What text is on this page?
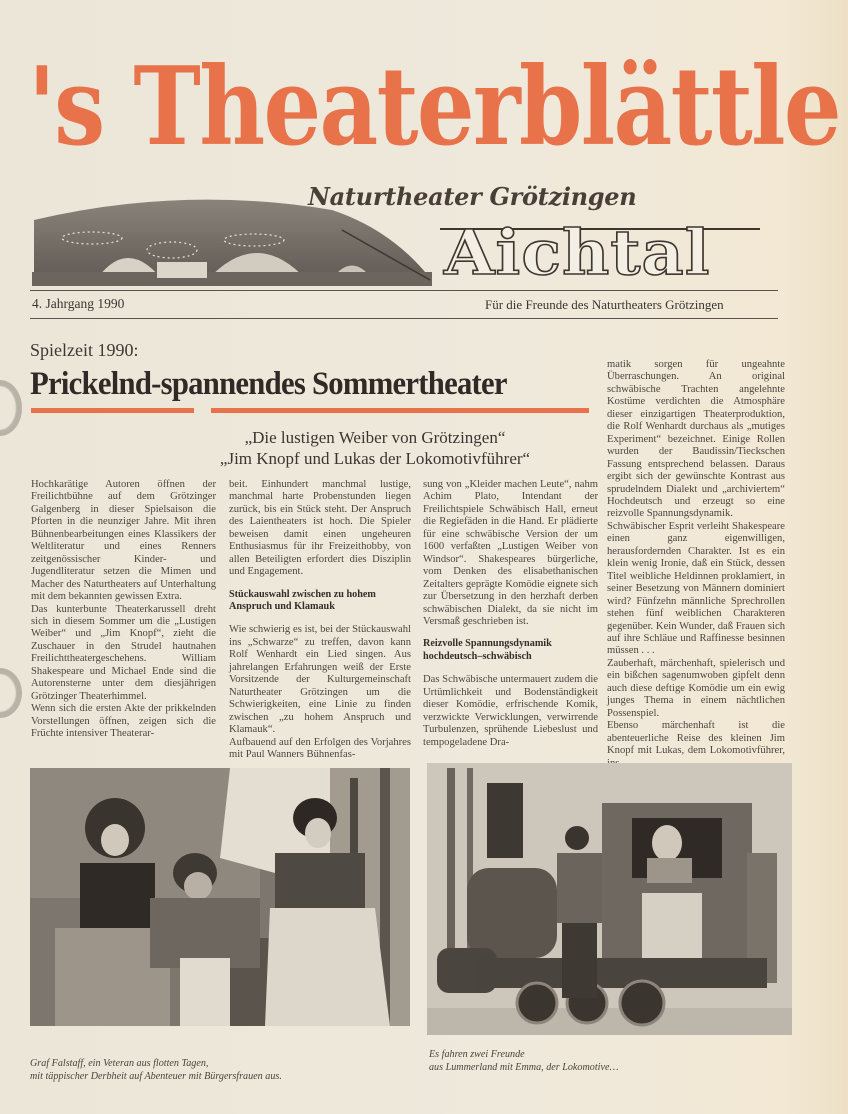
's Theaterblättle
Naturtheater Grötzingen
Aichtal
4. Jahrgang 1990	Für die Freunde des Naturtheaters Grötzingen
Spielzeit 1990:
Prickelnd-spannendes Sommertheater
„Die lustigen Weiber von Grötzingen“
„Jim Knopf und Lukas der Lokomotivführer“

Hochkarätige Autoren öffnen der Freilichtbühne auf dem Grötzinger Galgenberg in dieser Spielsaison die Pforten in die neunziger Jahre. Mit ihren Bühnenbearbeitungen eines Klassikers der Weltliteratur und eines Renners zeitgenössischer Kinder- und Jugendliteratur setzen die Mimen und Macher des Naturtheaters auf Unterhaltung mit dem bekannten gewissen Extra.

Das kunterbunte Theaterkarussell dreht sich in diesem Sommer um die „Lustigen Weiber“ und „Jim Knopf“, zieht die Zuschauer in den Strudel hautnahen Freilichttheatergeschehens. William Shakespeare und Michael Ende sind die Autorensterne unter dem diesjährigen Grötzinger Theaterhimmel.

Wenn sich die ersten Akte der prikkelnden Vorstellungen öffnen, zeigen sich die Früchte intensiver Theaterar-

beit. Einhundert manchmal lustige, manchmal harte Probenstunden liegen zurück, bis ein Stück steht. Der Anspruch des Laientheaters ist hoch. Die Spieler beweisen damit einen ungeheuren Enthusiasmus für ihr Freizeithobby, von allen Beteiligten erfordert dies Disziplin und Engagement.

Stückauswahl zwischen zu hohem Anspruch und Klamauk

Wie schwierig es ist, bei der Stückauswahl ins „Schwarze“ zu treffen, davon kann Rolf Wenhardt ein Lied singen. Aus jahrelangen Erfahrungen weiß der Erste Vorsitzende der Kulturgemeinschaft Naturtheater Grötzingen um die Schwierigkeiten, eine Linie zu finden zwischen „zu hohem Anspruch und Klamauk“.

Aufbauend auf den Erfolgen des Vorjahres mit Paul Wanners Bühnenfas-

sung von „Kleider machen Leute“, nahm Achim Plato, Intendant der Freilichtspiele Schwäbisch Hall, erneut die Regiefäden in die Hand. Er plädierte für eine schwäbische Version der um 1600 verfaßten „Lustigen Weiber von Windsor“. Shakespeares bürgerliche, vom Denken des elisabethanischen Zeitalters geprägte Komödie eignete sich zur Übersetzung in den herzhaft derben schwäbischen Dialekt, da sie nicht im Versmaß geschrieben ist.

Reizvolle Spannungsdynamik hochdeutsch–schwäbisch

Das Schwäbische untermauert zudem die Urtümlichkeit und Bodenständigkeit dieser Komödie, erfrischende Komik, verzwickte Verwicklungen, verwirrende Turbulenzen, sprühende Liebeslust und tempogeladene Dra-

matik sorgen für ungeahnte Überraschungen. An original schwäbische Trachten angelehnte Kostüme verdichten die Atmosphäre dieser einzigartigen Theaterproduktion, die Rolf Wenhardt durchaus als „mutiges Experiment“ bezeichnet. Einige Rollen wurden der Baudissin/Tieckschen Fassung entsprechend belassen. Daraus ergibt sich der gewünschte Kontrast aus sprudelndem Dialekt und „archiviertem“ Hochdeutsch und erzeugt so eine reizvolle Spannungsdynamik.

Schwäbischer Esprit verleiht Shakespeare einen ganz eigenwilligen, herausfordernden Charakter. Ist es ein klein wenig Ironie, daß ein Stück, dessen Titel weibliche Heldinnen proklamiert, in seiner Besetzung von Männern dominiert wird? Fünfzehn männliche Sprechrollen stehen fünf weiblichen Charakteren gegenüber. Kein Wunder, daß Frauen sich auf ihre Schläue und Raffinesse besinnen müssen . . .

Zauberhaft, märchenhaft, spielerisch und ein bißchen sagenumwoben gipfelt denn auch diese deftige Komödie um ein ewig junges Thema in einem nächtlichen Possenspiel.

Ebenso märchenhaft ist die abenteuerliche Reise des kleinen Jim Knopf mit Lukas, dem Lokomotivführer,

Graf Falstaff, ein Veteran aus flotten Tagen,
mit täppischer Derbheit auf Abenteuer mit Bürgersfrauen aus.
Es fahren zwei Freunde
aus Lummerland mit Emma, der Lokomotive…
